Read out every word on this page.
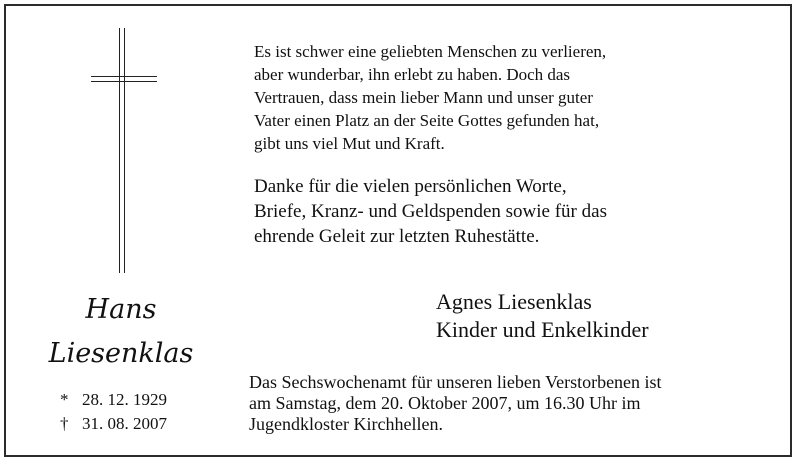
Hans
Liesenklas
* 28. 12. 1929
† 31. 08. 2007
Es ist schwer eine geliebten Menschen zu verlieren,
aber wunderbar, ihn erlebt zu haben. Doch das
Vertrauen, dass mein lieber Mann und unser guter
Vater einen Platz an der Seite Gottes gefunden hat,
gibt uns viel Mut und Kraft.
Danke für die vielen persönlichen Worte,
Briefe, Kranz- und Geldspenden sowie für das
ehrende Geleit zur letzten Ruhestätte.
Agnes Liesenklas
Kinder und Enkelkinder
Das Sechswochenamt für unseren lieben Verstorbenen ist
am Samstag, dem 20. Oktober 2007, um 16.30 Uhr im
Jugendkloster Kirchhellen.
